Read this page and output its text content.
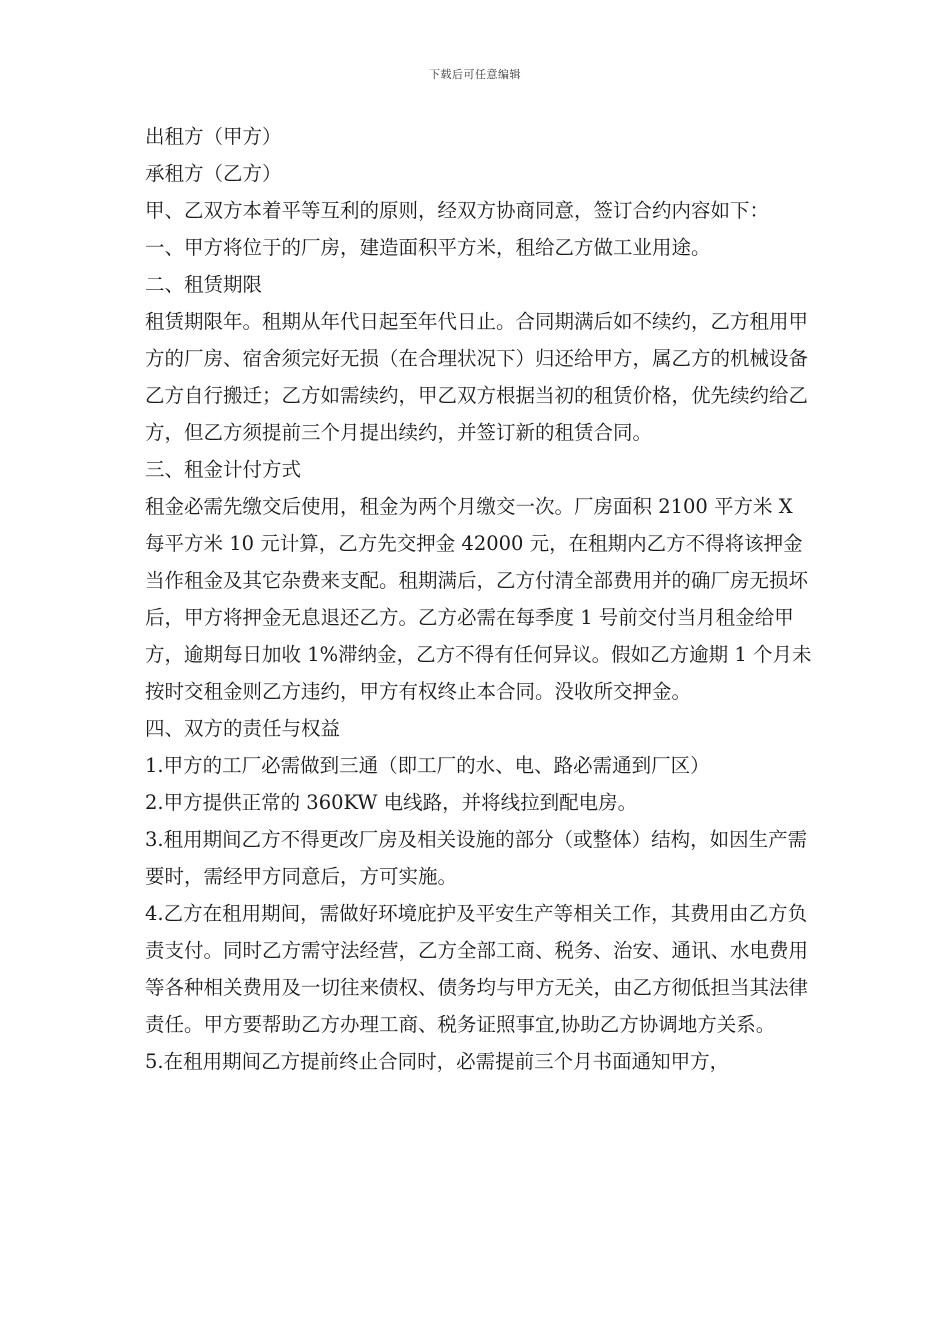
下载后可任意编辑

出租方（甲方）

承租方（乙方）

甲、乙双方本着平等互利的原则，经双方协商同意，签订合约内容如下：

一、甲方将位于的厂房，建造面积平方米，租给乙方做工业用途。

二、租赁期限

租赁期限年。租期从年代日起至年代日止。合同期满后如不续约，乙方租用甲方的厂房、宿舍须完好无损（在合理状况下）归还给甲方，属乙方的机械设备乙方自行搬迁；乙方如需续约，甲乙双方根据当初的租赁价格，优先续约给乙方，但乙方须提前三个月提出续约，并签订新的租赁合同。

三、租金计付方式

租金必需先缴交后使用，租金为两个月缴交一次。厂房面积 2100 平方米 X 每平方米 10 元计算，乙方先交押金 42000 元，在租期内乙方不得将该押金当作租金及其它杂费来支配。租期满后，乙方付清全部费用并的确厂房无损坏后，甲方将押金无息退还乙方。乙方必需在每季度 1 号前交付当月租金给甲方，逾期每日加收 1%滞纳金，乙方不得有任何异议。假如乙方逾期 1 个月未按时交租金则乙方违约，甲方有权终止本合同。没收所交押金。

四、双方的责任与权益

1.甲方的工厂必需做到三通（即工厂的水、电、路必需通到厂区）

2.甲方提供正常的 360KW 电线路，并将线拉到配电房。

3.租用期间乙方不得更改厂房及相关设施的部分（或整体）结构，如因生产需要时，需经甲方同意后，方可实施。

4.乙方在租用期间，需做好环境庇护及平安生产等相关工作，其费用由乙方负责支付。同时乙方需守法经营，乙方全部工商、税务、治安、通讯、水电费用等各种相关费用及一切往来债权、债务均与甲方无关，由乙方彻低担当其法律责任。甲方要帮助乙方办理工商、税务证照事宜,协助乙方协调地方关系。

5.在租用期间乙方提前终止合同时，必需提前三个月书面通知甲方，
